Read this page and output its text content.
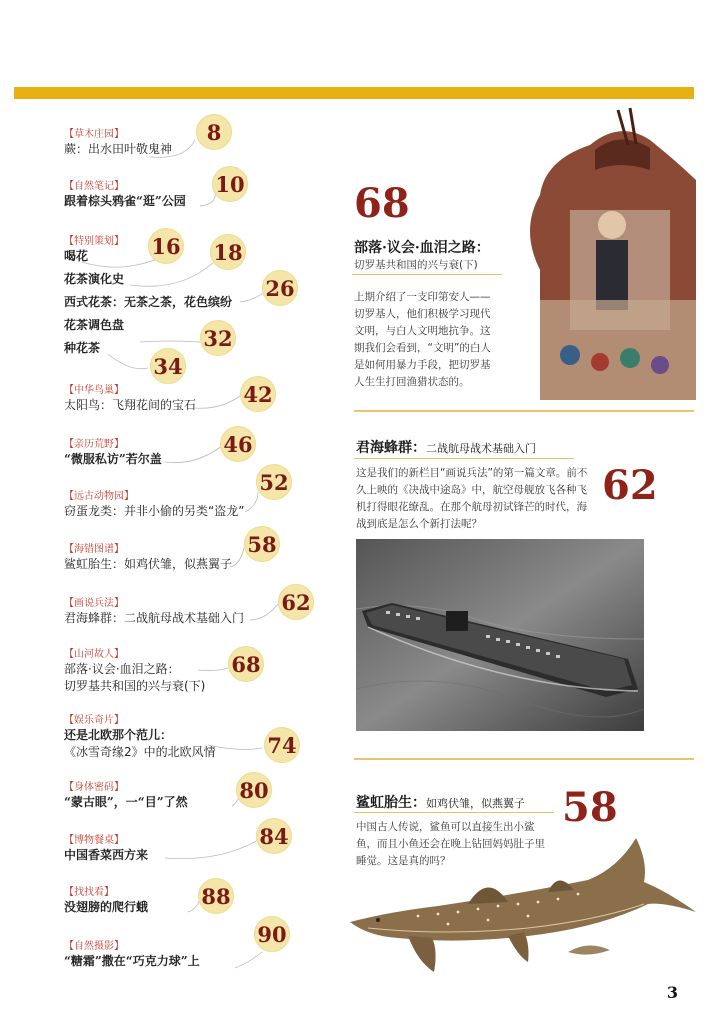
【草木庄园】
蕨：出水田叶敬鬼神
8
【自然笔记】
跟着棕头鸦雀“逛”公园
10
【特别策划】
喝花
花茶演化史
西式花茶：无茶之茶，花色缤纷
花茶调色盘
种花茶
16 18
26
32
34
【中华鸟巢】
太阳鸟：飞翔花间的宝石 42
【亲历荒野】
“微服私访”若尔盖
46
【远古动物园】
窃蛋龙类：并非小偷的另类“盗龙”
52
【海错图谱】
鲨虹胎生：如鸡伏雏，似燕翼子
58
【画说兵法】
君海蜂群：二战航母战术基础入门
62
【山河故人】
部落·议会·血泪之路：
切罗基共和国的兴与衰(下)
68
【娱乐奇片】
还是北欧那个范儿：
《冰雪奇缘2》中的北欧风情 74
【身体密码】
“蒙古眼”，一“目”了然 80
【博物餐桌】
中国香菜西方来
84
【找找看】
没翅膀的爬行蛾	88
【自然摄影】
“糖霜”撒在“巧克力球”上
90
68
部落·议会·血泪之路：
切罗基共和国的兴与衰(下)
上期介绍了一支印第安人——切罗基人，他们积极学习现代文明，与白人文明地抗争。这期我们会看到，“文明”的白人是如何用暴力手段，把切罗基人生生打回渔猎状态的。
君海蜂群：二战航母战术基础入门
这是我们的新栏目“画说兵法”的第一篇文章。前不久上映的《决战中途岛》中，航空母舰放飞各种飞机打得眼花缭乱。在那个航母初试锋芒的时代，海战到底是怎么个新打法呢？
62
鲨虹胎生：如鸡伏雏，似燕翼子 58
中国古人传说，鲨鱼可以直接生出小鲨鱼，而且小鱼还会在晚上钻回妈妈肚子里睡觉。这是真的吗？
3
